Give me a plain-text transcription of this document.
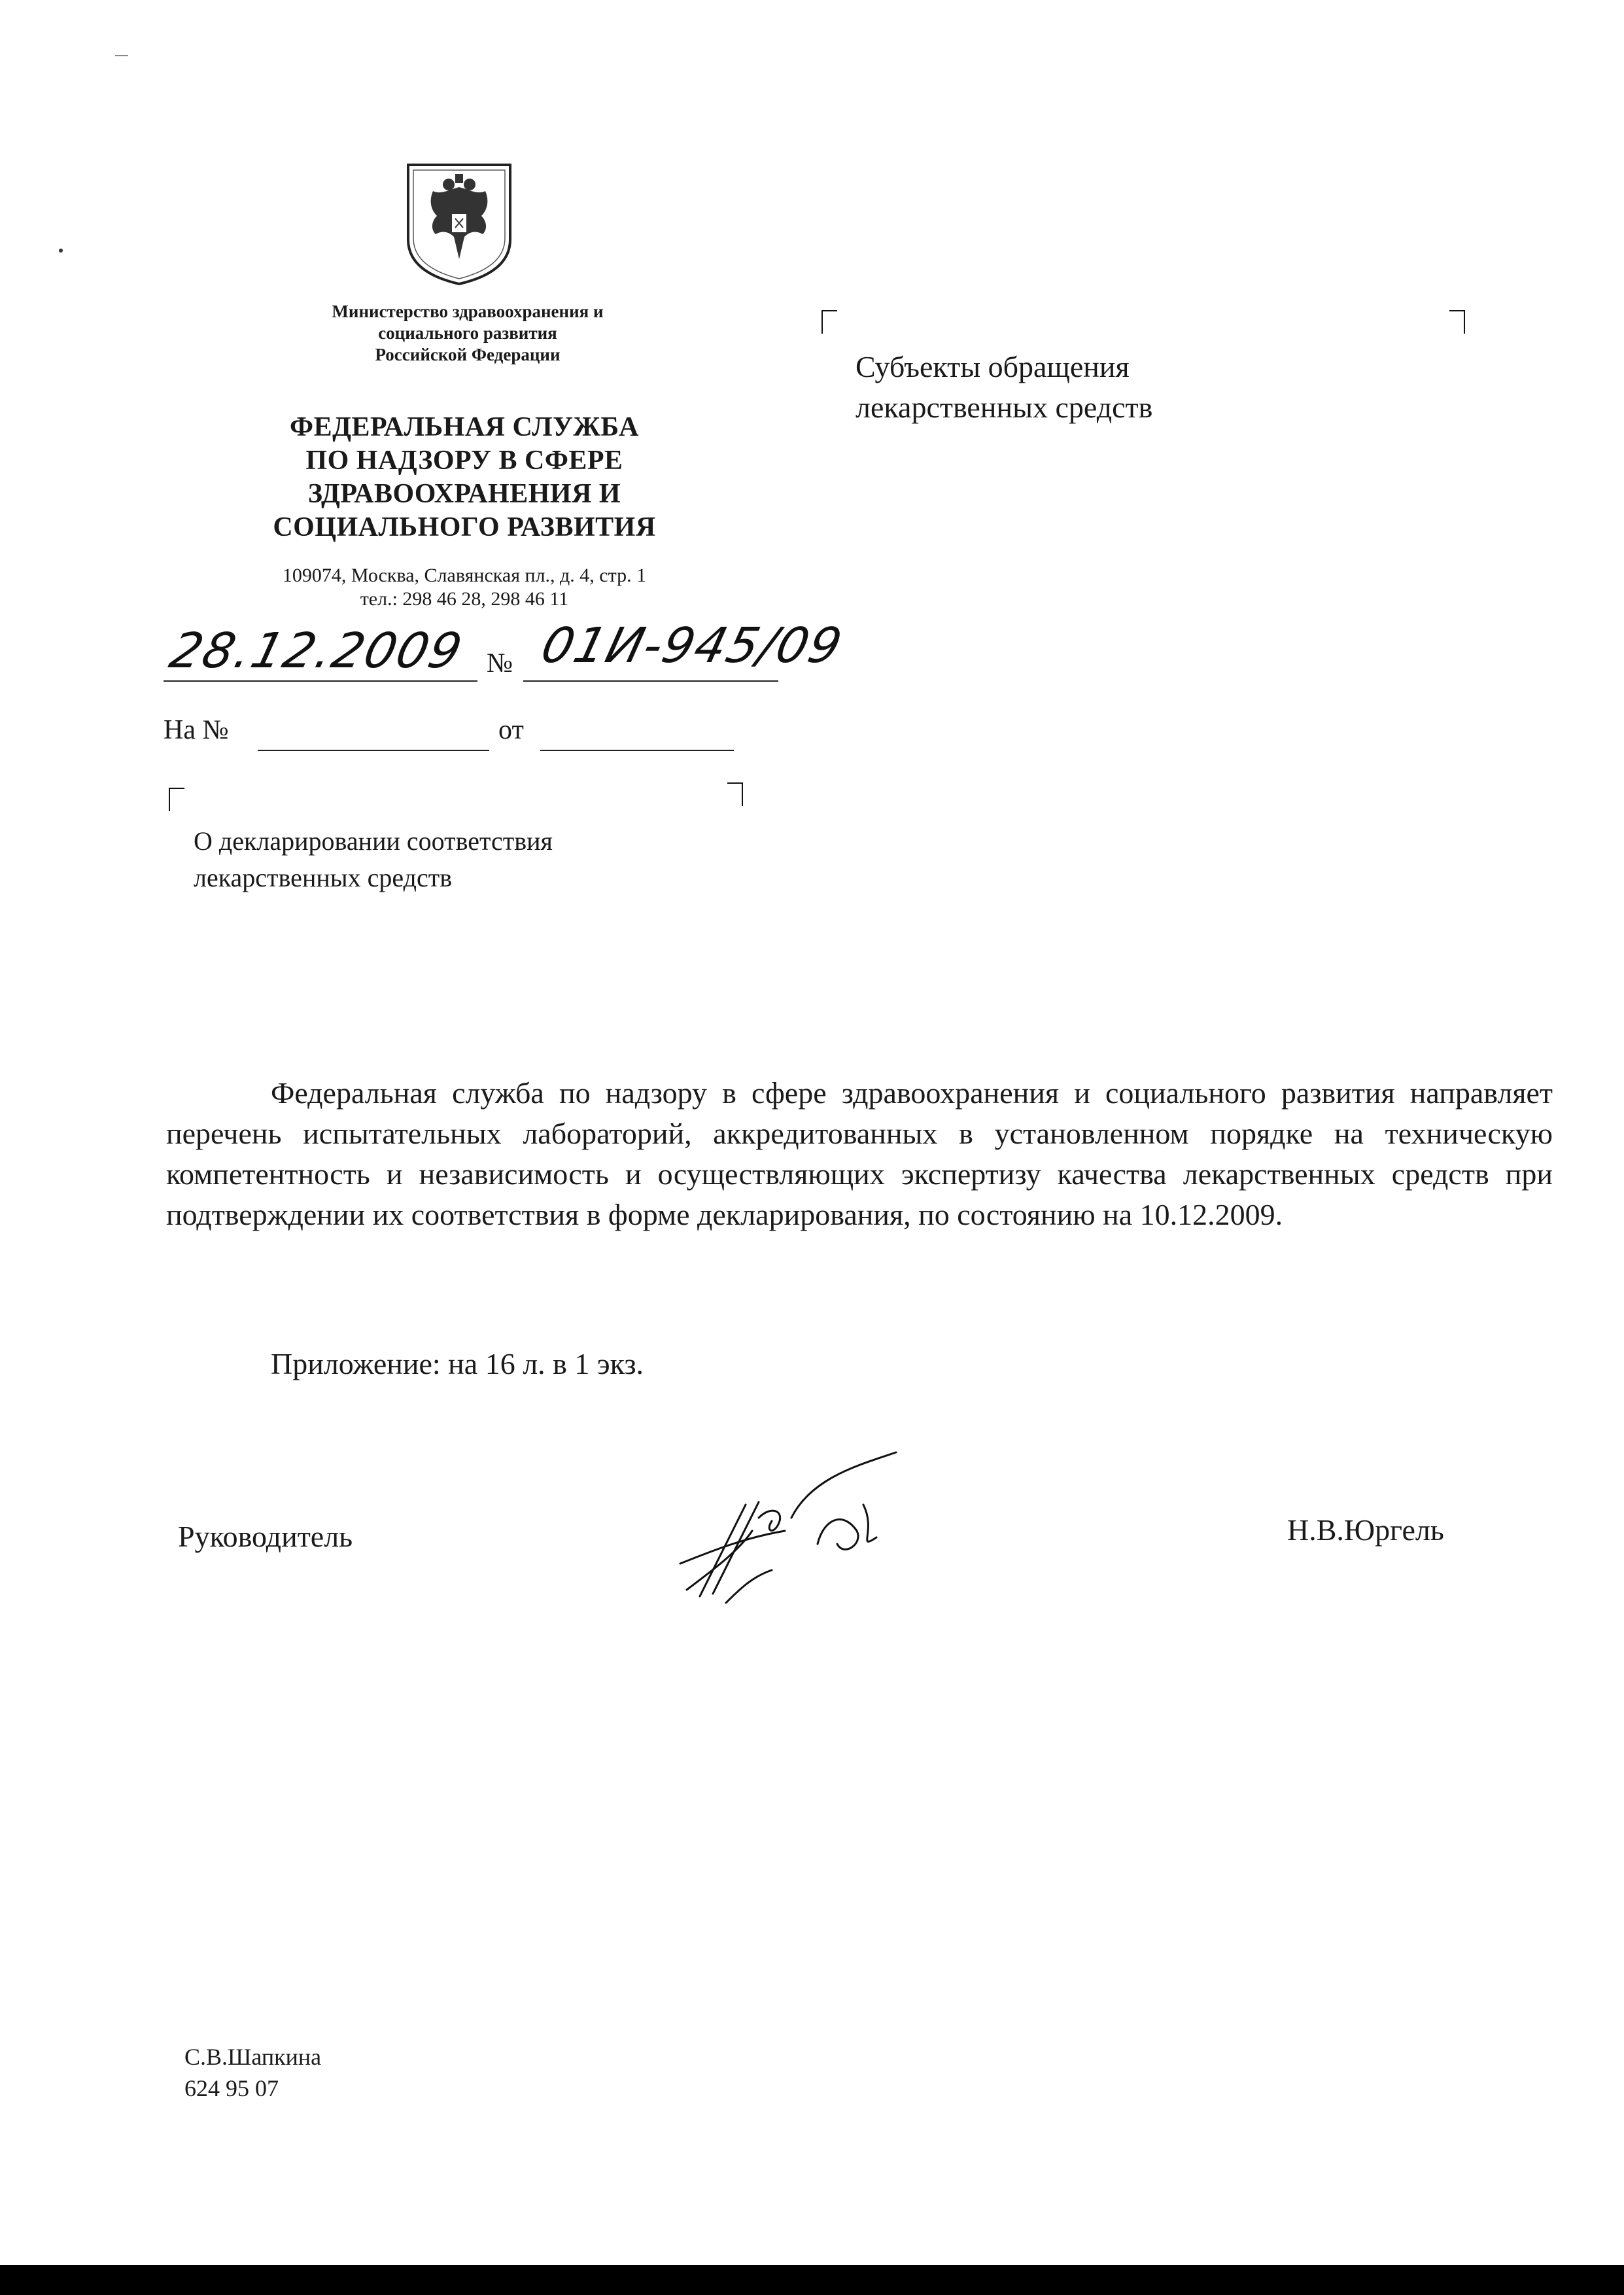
Министерство здравоохранения и
социального развития
Российской Федерации
ФЕДЕРАЛЬНАЯ СЛУЖБА
ПО НАДЗОРУ В СФЕРЕ
ЗДРАВООХРАНЕНИЯ И
СОЦИАЛЬНОГО РАЗВИТИЯ
109074, Москва, Славянская пл., д. 4, стр. 1
тел.: 298 46 28, 298 46 11
28.12.2009 № 01И-945/09
На №	от
Субъекты обращения
лекарственных средств
О декларировании соответствия
лекарственных средств

Федеральная служба по надзору в сфере здравоохранения и социального развития направляет перечень испытательных лабораторий, аккредитованных в установленном порядке на техническую компетентность и независимость и осуществляющих экспертизу качества лекарственных средств при подтверждении их соответствия в форме декларирования, по состоянию на 10.12.2009.

Приложение: на 16 л. в 1 экз.
Руководитель	Н.В.Юргель
С.В.Шапкина
624 95 07
